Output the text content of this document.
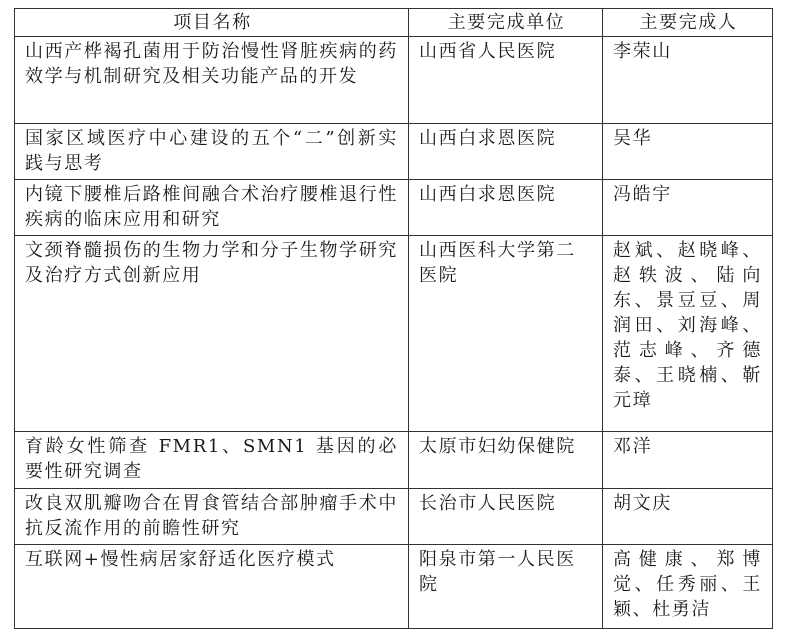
项目名称	主要完成单位	主要完成人
山西产桦褐孔菌用于防治慢性肾脏疾病的药效学与机制研究及相关功能产品的开发	山西省人民医院	李荣山
国家区域医疗中心建设的五个“二”创新实践与思考	山西白求恩医院	吴华
内镜下腰椎后路椎间融合术治疗腰椎退行性疾病的临床应用和研究	山西白求恩医院	冯皓宇
文颈脊髓损伤的生物力学和分子生物学研究及治疗方式创新应用	山西医科大学第二医院	赵斌、赵晓峰、赵轶波、陆向东、景豆豆、周润田、刘海峰、范志峰、齐德泰、王晓楠、靳元璋
育龄女性筛查 FMR1、SMN1 基因的必要性研究调查	太原市妇幼保健院	邓洋
改良双肌瓣吻合在胃食管结合部肿瘤手术中抗反流作用的前瞻性研究	长治市人民医院	胡文庆
互联网+慢性病居家舒适化医疗模式	阳泉市第一人民医院	高健康、郑博觉、任秀丽、王颖、杜勇洁
